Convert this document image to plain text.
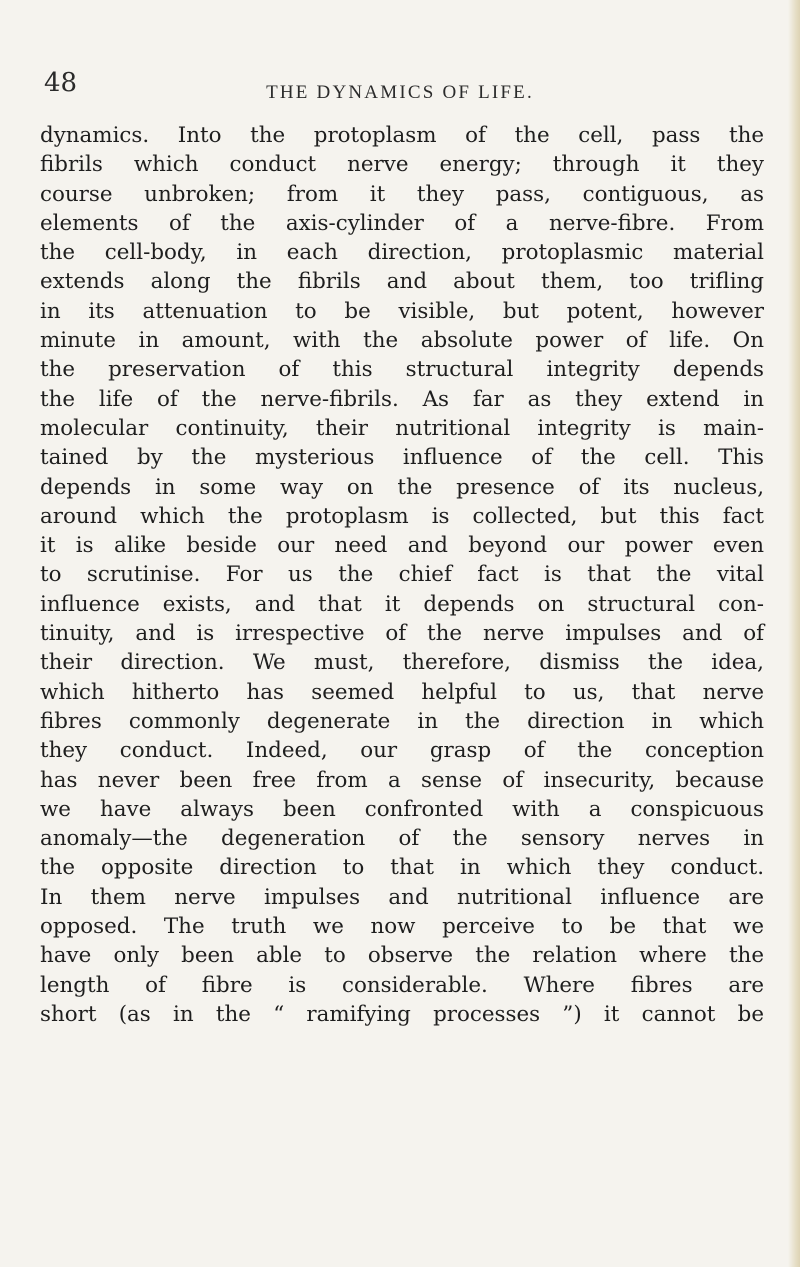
48	THE DYNAMICS OF LIFE.
dynamics. Into the protoplasm of the cell, pass the
fibrils which conduct nerve energy; through it they
course unbroken; from it they pass, contiguous, as
elements of the axis-cylinder of a nerve-fibre. From
the cell-body, in each direction, protoplasmic material
extends along the fibrils and about them, too trifling
in its attenuation to be visible, but potent, however
minute in amount, with the absolute power of life. On
the preservation of this structural integrity depends
the life of the nerve-fibrils. As far as they extend in
molecular continuity, their nutritional integrity is main-
tained by the mysterious influence of the cell. This
depends in some way on the presence of its nucleus,
around which the protoplasm is collected, but this fact
it is alike beside our need and beyond our power even
to scrutinise. For us the chief fact is that the vital
influence exists, and that it depends on structural con-
tinuity, and is irrespective of the nerve impulses and of
their direction. We must, therefore, dismiss the idea,
which hitherto has seemed helpful to us, that nerve
fibres commonly degenerate in the direction in which
they conduct. Indeed, our grasp of the conception
has never been free from a sense of insecurity, because
we have always been confronted with a conspicuous
anomaly—the degeneration of the sensory nerves in
the opposite direction to that in which they conduct.
In them nerve impulses and nutritional influence are
opposed. The truth we now perceive to be that we
have only been able to observe the relation where the
length of fibre is considerable. Where fibres are
short (as in the “ ramifying processes ”) it cannot be
